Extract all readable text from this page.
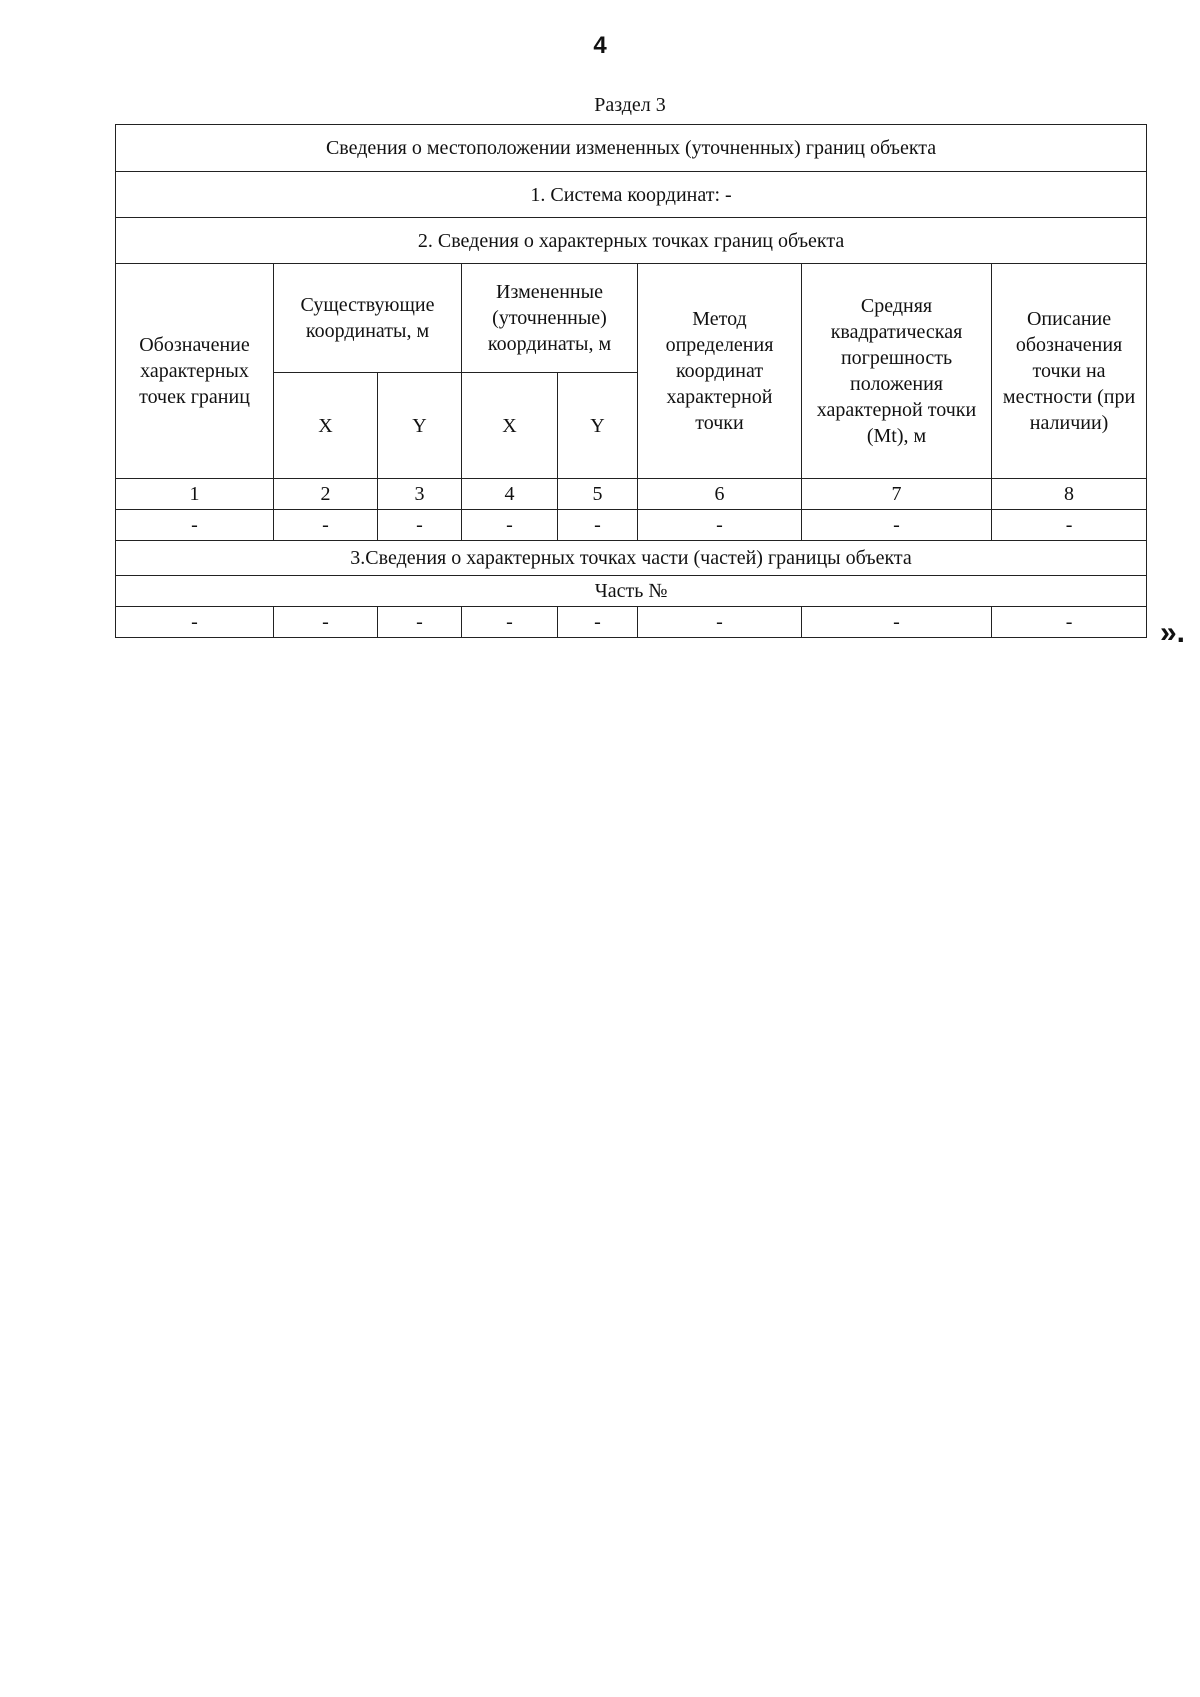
4
Раздел 3
Сведения о местоположении измененных (уточненных) границ объекта							
1. Система координат: -							
2. Сведения о характерных точках границ объекта							
Обозначение характерных точек границ	Существующие координаты, м		Измененные (уточненные) координаты, м		Метод определения координат характерной точки	Средняя квадратическая погрешность положения характерной точки (Mt), м	Описание обозначения точки на местности (при наличии)
	X	Y	X	Y			
1	2	3	4	5	6	7	8
-	-	-	-	-	-	-	-
3.Сведения о характерных точках части (частей) границы объекта							
Часть №							
-	-	-	-	-	-	-	-	».
